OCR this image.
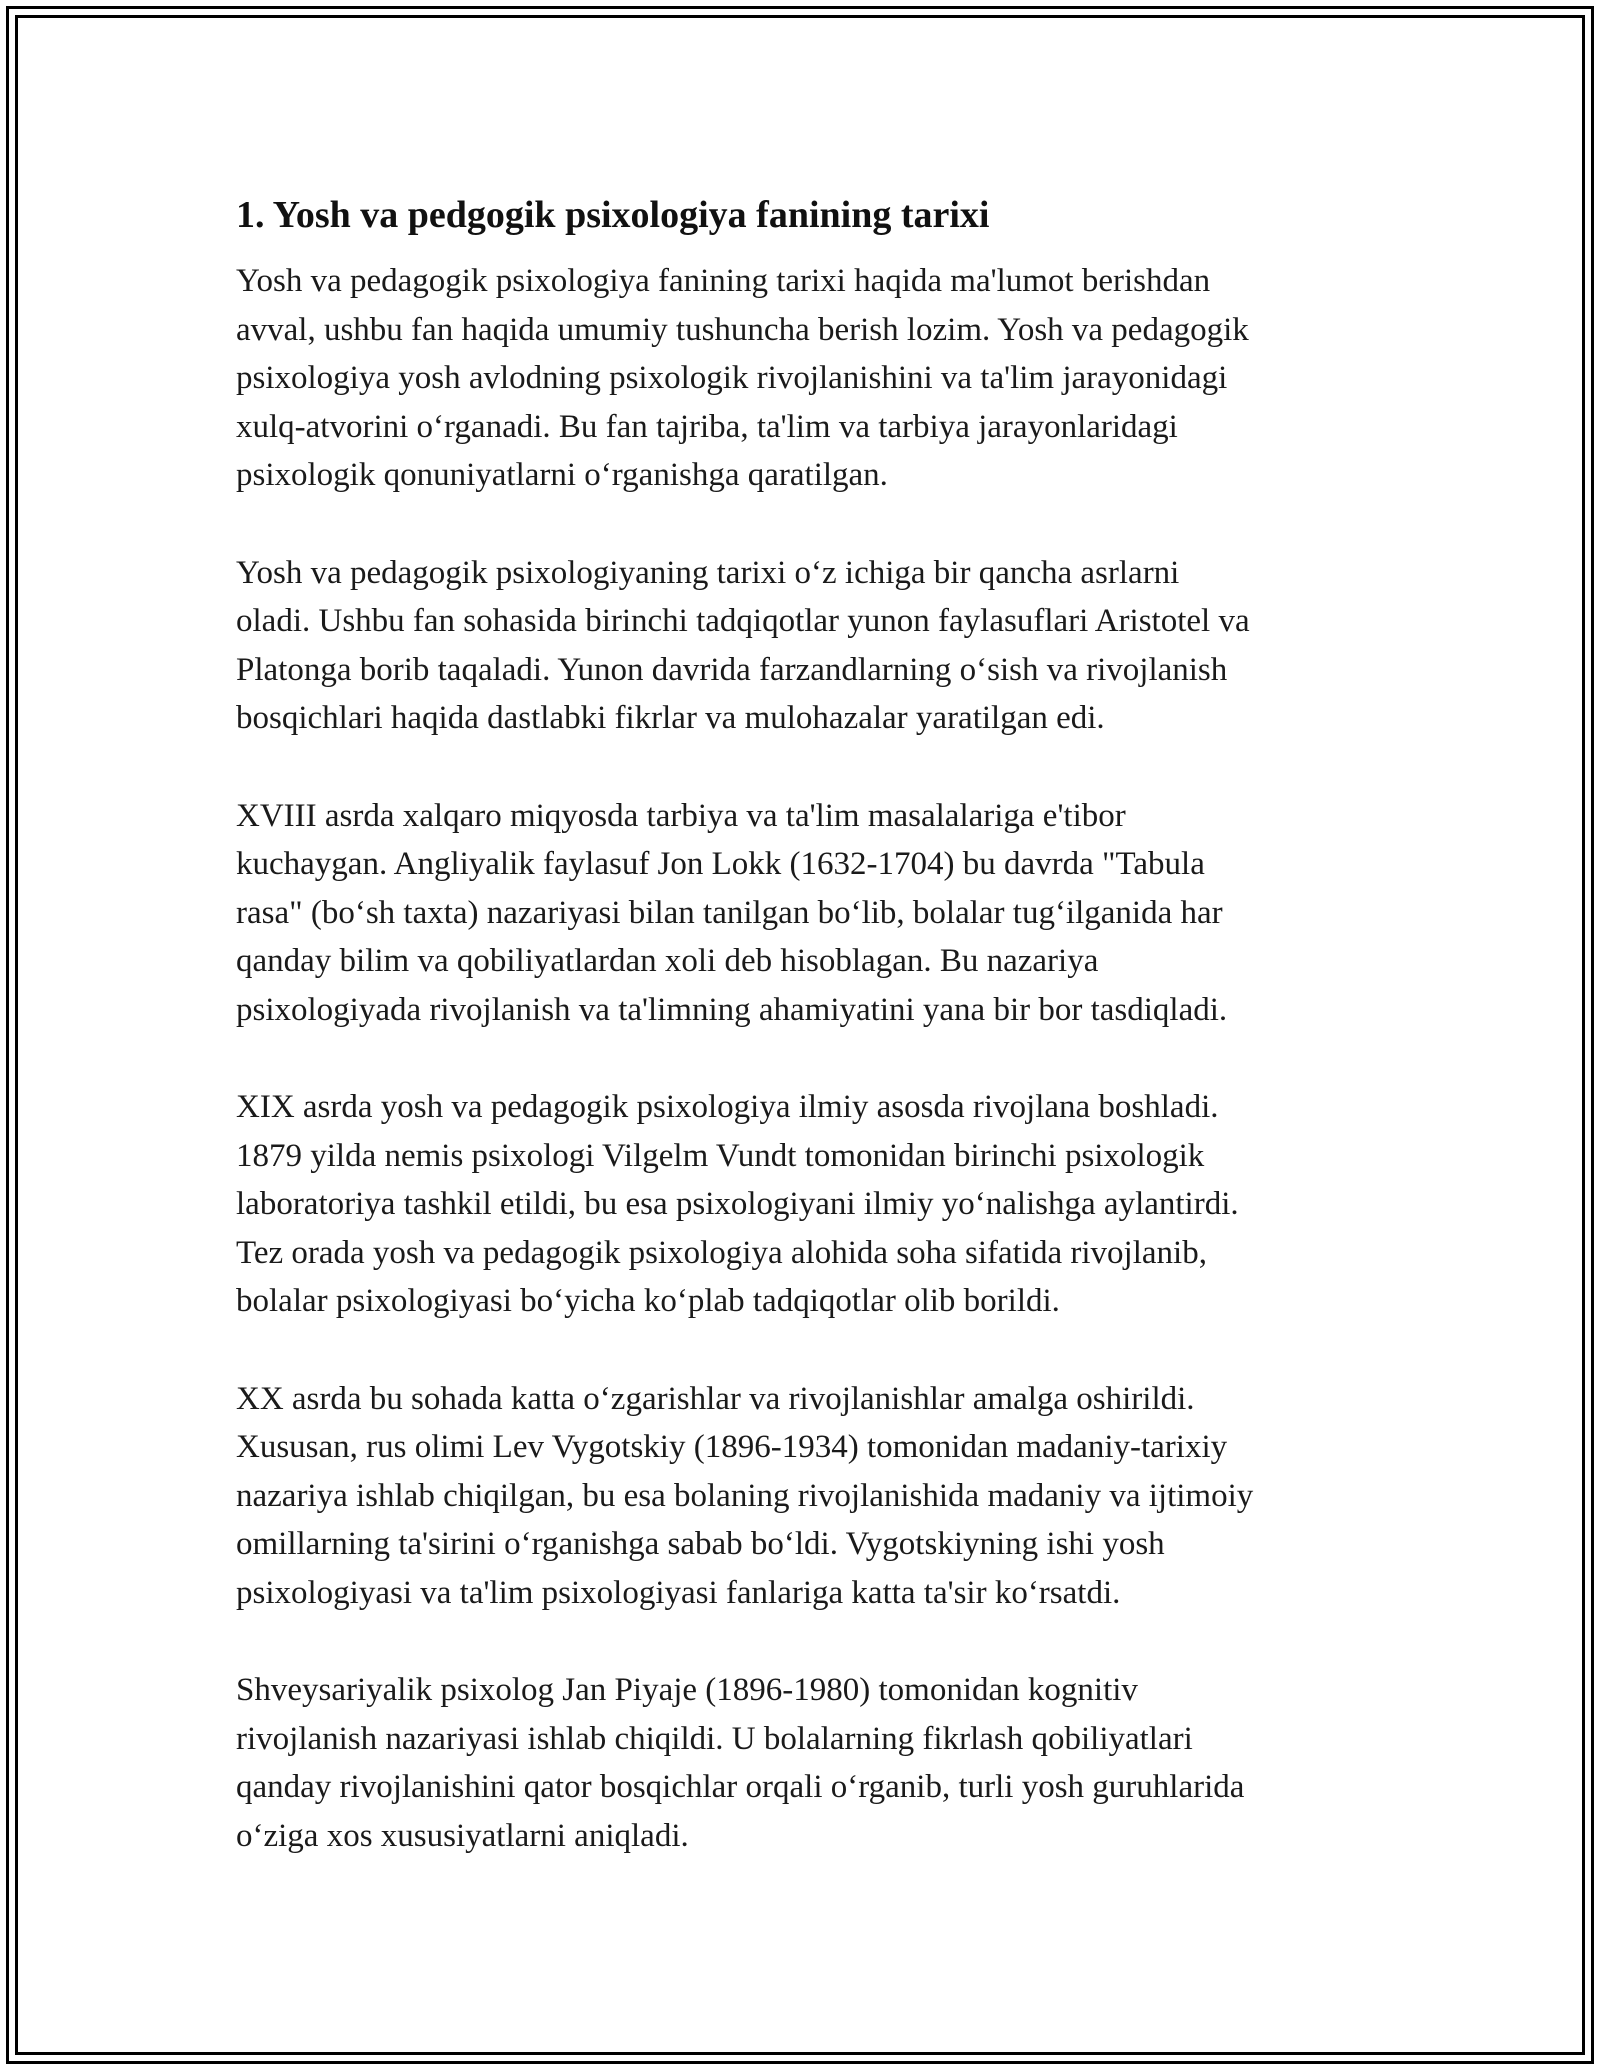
1. Yosh va pedgogik psixologiya fanining tarixi

Yosh va pedagogik psixologiya fanining tarixi haqida ma'lumot berishdan
avval, ushbu fan haqida umumiy tushuncha berish lozim. Yosh va pedagogik
psixologiya yosh avlodning psixologik rivojlanishini va ta'lim jarayonidagi
xulq-atvorini o‘rganadi. Bu fan tajriba, ta'lim va tarbiya jarayonlaridagi
psixologik qonuniyatlarni o‘rganishga qaratilgan.

Yosh va pedagogik psixologiyaning tarixi o‘z ichiga bir qancha asrlarni
oladi. Ushbu fan sohasida birinchi tadqiqotlar yunon faylasuflari Aristotel va
Platonga borib taqaladi. Yunon davrida farzandlarning o‘sish va rivojlanish
bosqichlari haqida dastlabki fikrlar va mulohazalar yaratilgan edi.

XVIII asrda xalqaro miqyosda tarbiya va ta'lim masalalariga e'tibor
kuchaygan. Angliyalik faylasuf Jon Lokk (1632-1704) bu davrda "Tabula
rasa" (bo‘sh taxta) nazariyasi bilan tanilgan bo‘lib, bolalar tug‘ilganida har
qanday bilim va qobiliyatlardan xoli deb hisoblagan. Bu nazariya
psixologiyada rivojlanish va ta'limning ahamiyatini yana bir bor tasdiqladi.

XIX asrda yosh va pedagogik psixologiya ilmiy asosda rivojlana boshladi.
1879 yilda nemis psixologi Vilgelm Vundt tomonidan birinchi psixologik
laboratoriya tashkil etildi, bu esa psixologiyani ilmiy yo‘nalishga aylantirdi.
Tez orada yosh va pedagogik psixologiya alohida soha sifatida rivojlanib,
bolalar psixologiyasi bo‘yicha ko‘plab tadqiqotlar olib borildi.

XX asrda bu sohada katta o‘zgarishlar va rivojlanishlar amalga oshirildi.
Xususan, rus olimi Lev Vygotskiy (1896-1934) tomonidan madaniy-tarixiy
nazariya ishlab chiqilgan, bu esa bolaning rivojlanishida madaniy va ijtimoiy
omillarning ta'sirini o‘rganishga sabab bo‘ldi. Vygotskiyning ishi yosh
psixologiyasi va ta'lim psixologiyasi fanlariga katta ta'sir ko‘rsatdi.

Shveysariyalik psixolog Jan Piyaje (1896-1980) tomonidan kognitiv
rivojlanish nazariyasi ishlab chiqildi. U bolalarning fikrlash qobiliyatlari
qanday rivojlanishini qator bosqichlar orqali o‘rganib, turli yosh guruhlarida
o‘ziga xos xususiyatlarni aniqladi.
